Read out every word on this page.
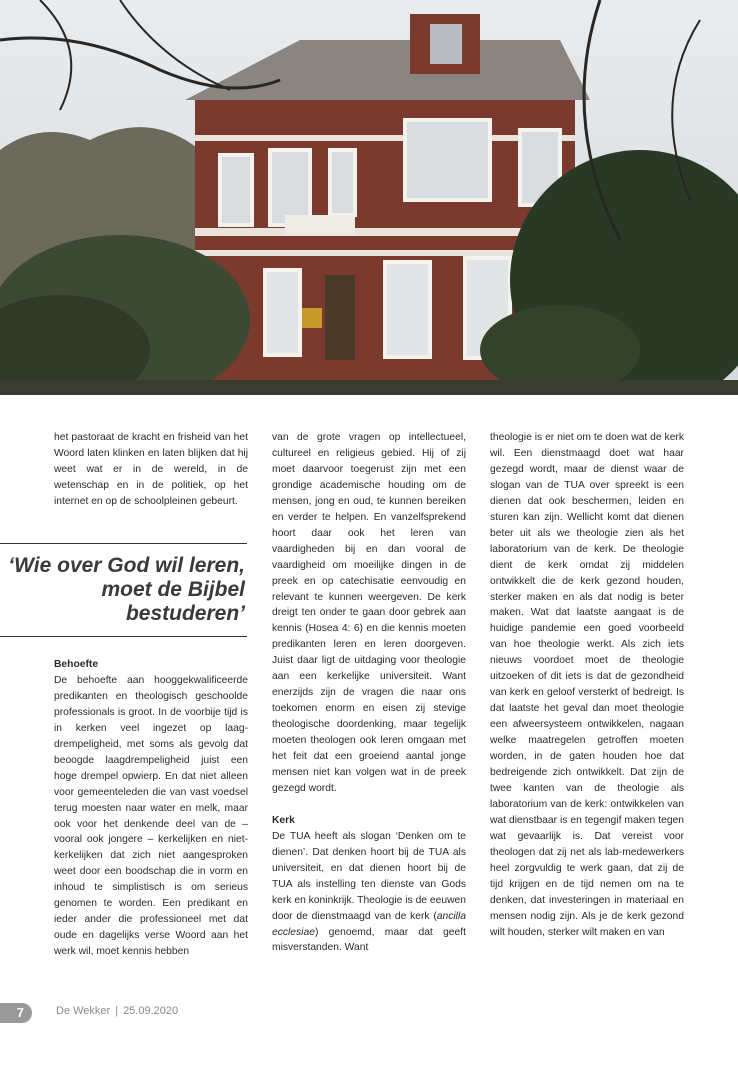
het pastoraat de kracht en frisheid van het Woord laten klinken en laten blijken dat hij weet wat er in de wereld, in de wetenschap en in de politiek, op het internet en op de schoolpleinen gebeurt.

‘Wie over God wil leren, moet de Bijbel bestuderen’

Behoefte

De behoefte aan hooggekwalificeerde predikanten en theologisch geschoolde professionals is groot. In de voorbije tijd is in kerken veel ingezet op laag-drempeligheid, met soms als gevolg dat beoogde laagdrempeligheid juist een hoge drempel opwierp. En dat niet alleen voor gemeenteleden die van vast voedsel terug moesten naar water en melk, maar ook voor het denkende deel van de – vooral ook jongere – kerkelijken en niet-kerkelijken dat zich niet aangesproken weet door een boodschap die in vorm en inhoud te simplistisch is om serieus genomen te worden. Een predikant en ieder ander die professioneel met dat oude en dagelijks verse Woord aan het werk wil, moet kennis hebben

van de grote vragen op intellectueel, cultureel en religieus gebied. Hij of zij moet daarvoor toegerust zijn met een grondige academische houding om de mensen, jong en oud, te kunnen bereiken en verder te helpen. En vanzelfsprekend hoort daar ook het leren van vaardigheden bij en dan vooral de vaardigheid om moeilijke dingen in de preek en op catechisatie eenvoudig en relevant te kunnen weergeven. De kerk dreigt ten onder te gaan door gebrek aan kennis (Hosea 4: 6) en die kennis moeten predikanten leren en leren doorgeven. Juist daar ligt de uitdaging voor theologie aan een kerkelijke universiteit. Want enerzijds zijn de vragen die naar ons toekomen enorm en eisen zij stevige theologische doordenking, maar tegelijk moeten theologen ook leren omgaan met het feit dat een groeiend aantal jonge mensen niet kan volgen wat in de preek gezegd wordt.

Kerk

De TUA heeft als slogan ‘Denken om te dienen’. Dat denken hoort bij de TUA als universiteit, en dat dienen hoort bij de TUA als instelling ten dienste van Gods kerk en koninkrijk. Theologie is de eeuwen door de dienstmaagd van de kerk (ancilla ecclesiae) genoemd, maar dat geeft misverstanden. Want

theologie is er niet om te doen wat de kerk wil. Een dienstmaagd doet wat haar gezegd wordt, maar de dienst waar de slogan van de TUA over spreekt is een dienen dat ook beschermen, leiden en sturen kan zijn. Wellicht komt dat dienen beter uit als we theologie zien als het laboratorium van de kerk. De theologie dient de kerk omdat zij middelen ontwikkelt die de kerk gezond houden, sterker maken en als dat nodig is beter maken. Wat dat laatste aangaat is de huidige pandemie een goed voorbeeld van hoe theologie werkt. Als zich iets nieuws voordoet moet de theologie uitzoeken of dit iets is dat de gezondheid van kerk en geloof versterkt of bedreigt. Is dat laatste het geval dan moet theologie een afweersysteem ontwikkelen, nagaan welke maatregelen getroffen moeten worden, in de gaten houden hoe dat bedreigende zich ontwikkelt. Dat zijn de twee kanten van de theologie als laboratorium van de kerk: ontwikkelen van wat dienstbaar is en tegengif maken tegen wat gevaarlijk is. Dat vereist voor theologen dat zij net als lab-medewerkers heel zorgvuldig te werk gaan, dat zij de tijd krijgen en de tijd nemen om na te denken, dat investeringen in materiaal en mensen nodig zijn. Als je de kerk gezond wilt houden, sterker wilt maken en van

7	De Wekker | 25.09.2020
